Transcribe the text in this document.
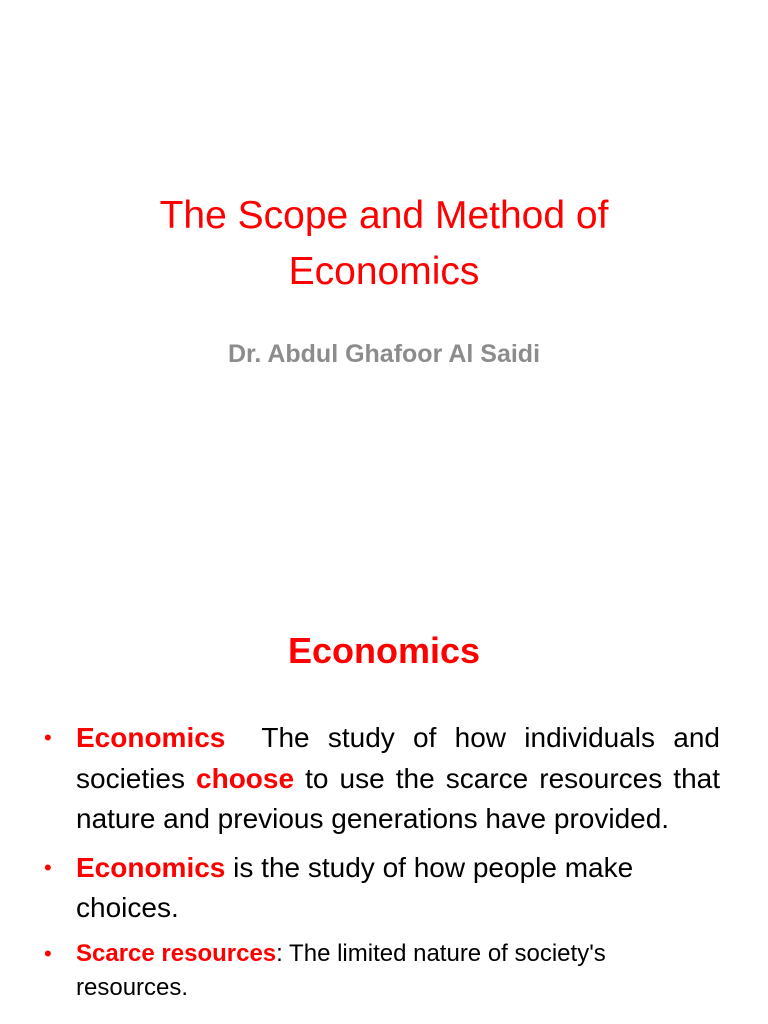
The Scope and Method of
Economics
Dr. Abdul Ghafoor Al Saidi
Economics
• Economics  The study of how individuals and societies choose to use the scarce resources that nature and previous generations have provided.
• Economics is the study of how people make choices.
• Scarce resources: The limited nature of society's resources.
